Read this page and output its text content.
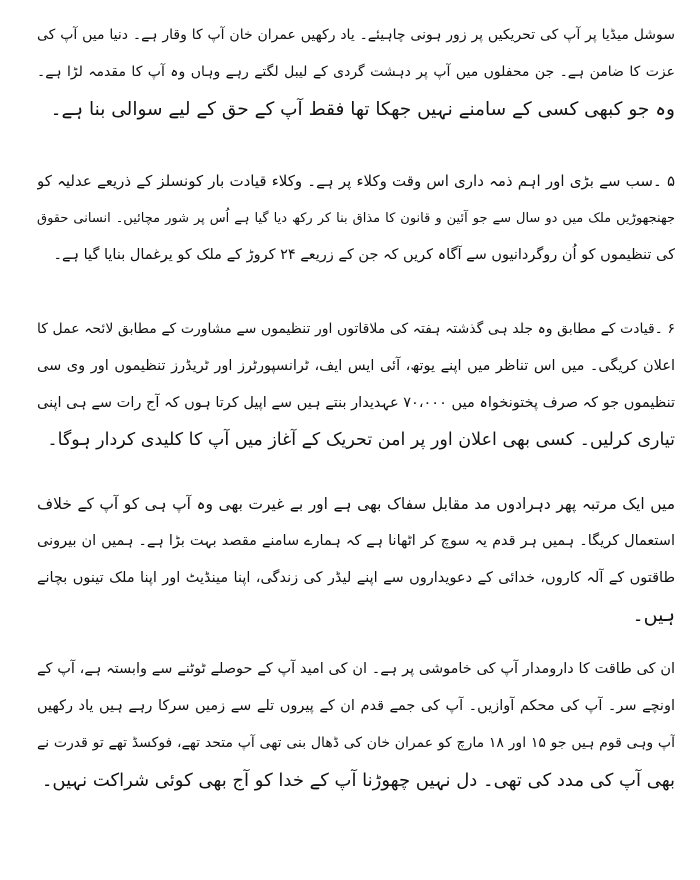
سوشل میڈیا پر آپ کی تحریکیں پر زور ہونی چاہیئے۔ یاد رکھیں عمران خان آپ کا وقار ہے۔ دنیا میں آپ کی
عزت کا ضامن ہے۔ جن محفلوں میں آپ پر دہشت گردی کے لیبل لگتے رہے وہاں وہ آپ کا مقدمہ لڑا ہے۔
وہ جو کبھی کسی کے سامنے نہیں جھکا تھا فقط آپ کے حق کے لیے سوالی بنا ہے۔
۵ ۔سب سے بڑی اور اہم ذمہ داری اس وقت وکلاء پر ہے۔ وکلاء قیادت بار کونسلز کے ذریعے عدلیہ کو
جھنجھوڑیں ملک میں دو سال سے جو آئین و قانون کا مذاق بنا کر رکھ دیا گیا ہے اُس پر شور مچائیں۔ انسانی حقوق
کی تنظیموں کو اُن روگردانیوں سے آگاہ کریں کہ جن کے زریعے ۲۴ کروڑ کے ملک کو یرغمال بنایا گیا ہے۔
۶ ۔قیادت کے مطابق وہ جلد ہی گذشتہ ہفتہ کی ملاقاتوں اور تنظیموں سے مشاورت کے مطابق لائحہ عمل کا
اعلان کریگی۔ میں اس تناظر میں اپنے یوتھ، آئی ایس ایف، ٹرانسپورٹرز اور ٹریڈرز تنظیموں اور وی سی
تنظیموں جو کہ صرف پختونخواہ میں ۷۰،۰۰۰ عہدیدار بنتے ہیں سے اپیل کرتا ہوں کہ آج رات سے ہی اپنی
تیاری کرلیں۔ کسی بھی اعلان اور پر امن تحریک کے آغاز میں آپ کا کلیدی کردار ہوگا۔
میں ایک مرتبہ پھر دہرادوں مد مقابل سفاک بھی ہے اور بے غیرت بھی وہ آپ ہی کو آپ کے خلاف
استعمال کریگا۔ ہمیں ہر قدم یہ سوچ کر اٹھانا ہے کہ ہمارے سامنے مقصد بہت بڑا ہے۔ ہمیں ان بیرونی
طاقتوں کے آلہ کاروں، خدائی کے دعویداروں سے اپنے لیڈر کی زندگی، اپنا مینڈیٹ اور اپنا ملک تینوں بچانے
ہیں۔
ان کی طاقت کا دارومدار آپ کی خاموشی پر ہے۔ ان کی امید آپ کے حوصلے ٹوٹنے سے وابستہ ہے، آپ کے
اونچے سر۔ آپ کی محکم آوازیں۔ آپ کی جمے قدم ان کے پیروں تلے سے زمیں سرکا رہے ہیں یاد رکھیں
آپ وہی قوم ہیں جو ۱۵ اور ۱۸ مارچ کو عمران خان کی ڈھال بنی تھی آپ متحد تھے، فوکسڈ تھے تو قدرت نے
بھی آپ کی مدد کی تھی۔ دل نہیں چھوڑنا آپ کے خدا کو آج بھی کوئی شراکت نہیں۔
